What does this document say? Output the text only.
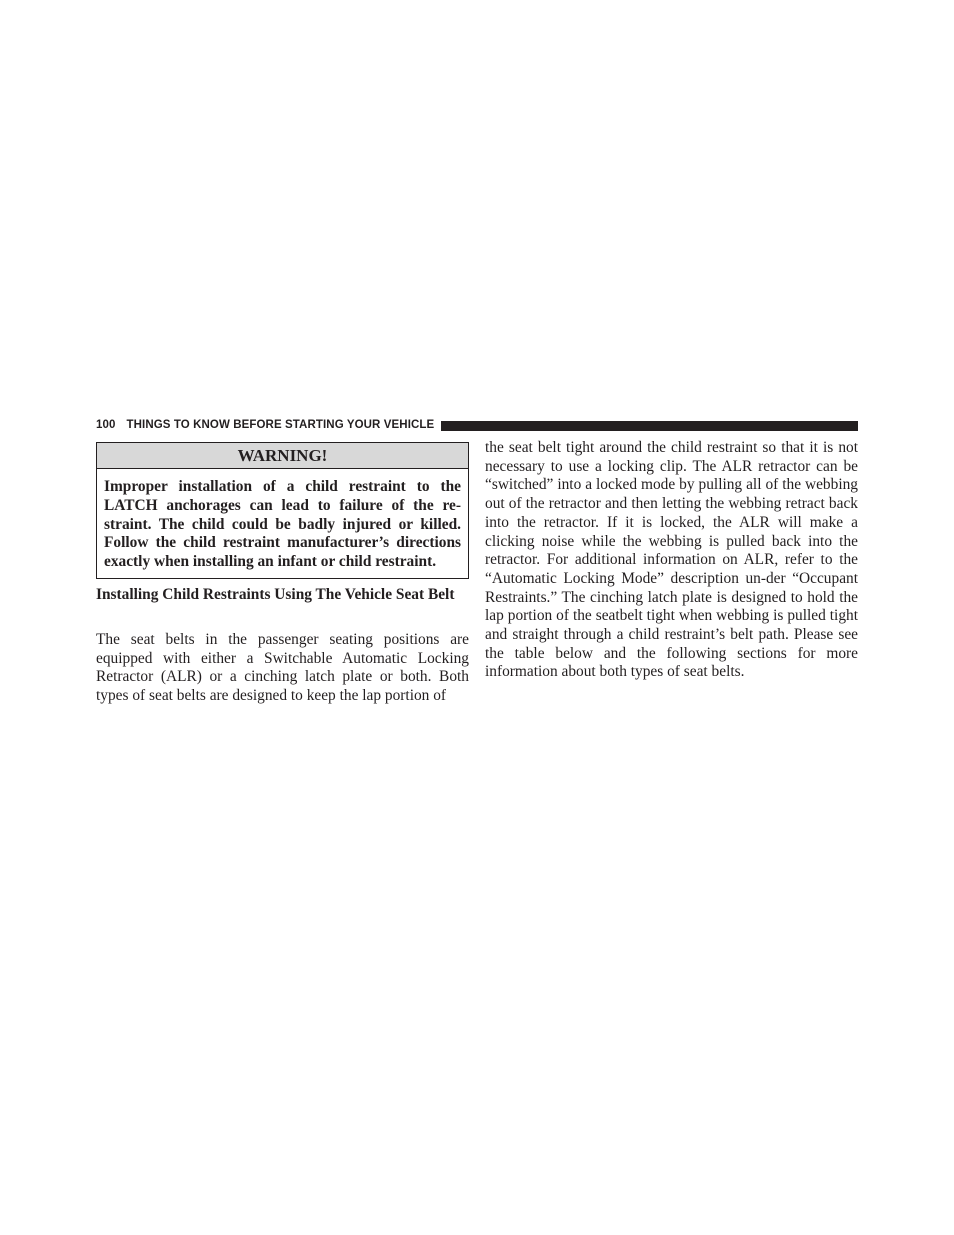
100 THINGS TO KNOW BEFORE STARTING YOUR VEHICLE
WARNING!
Improper installation of a child restraint to the LATCH anchorages can lead to failure of the re-straint. The child could be badly injured or killed. Follow the child restraint manufacturer’s directions exactly when installing an infant or child restraint.
Installing Child Restraints Using The Vehicle Seat Belt
The seat belts in the passenger seating positions are equipped with either a Switchable Automatic Locking Retractor (ALR) or a cinching latch plate or both. Both types of seat belts are designed to keep the lap portion of
the seat belt tight around the child restraint so that it is not necessary to use a locking clip. The ALR retractor can be “switched” into a locked mode by pulling all of the webbing out of the retractor and then letting the webbing retract back into the retractor. If it is locked, the ALR will make a clicking noise while the webbing is pulled back into the retractor. For additional information on ALR, refer to the “Automatic Locking Mode” description un-der “Occupant Restraints.” The cinching latch plate is designed to hold the lap portion of the seatbelt tight when webbing is pulled tight and straight through a child restraint’s belt path. Please see the table below and the following sections for more information about both types of seat belts.
